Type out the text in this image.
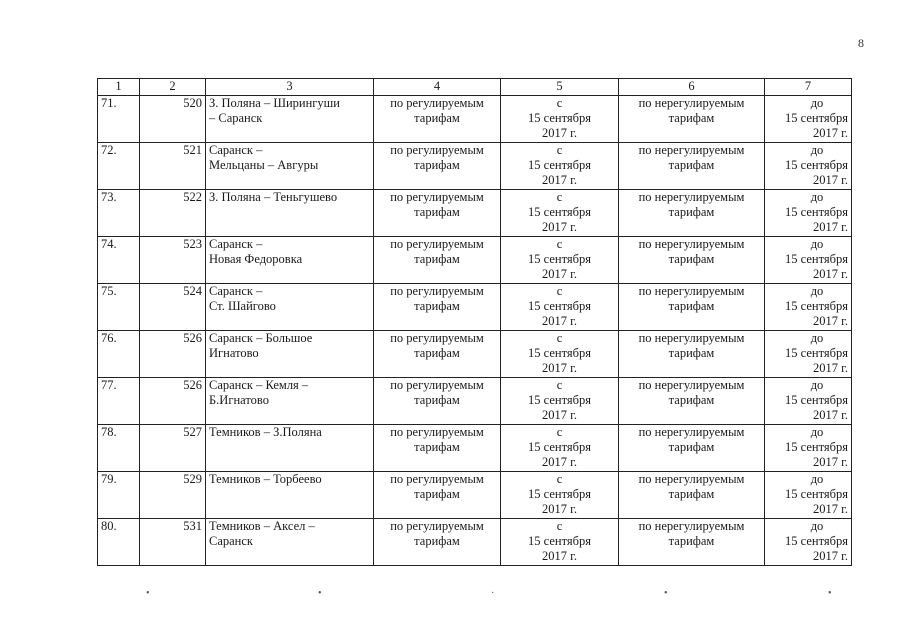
8
1	2	3	4	5	6	7
71.	520	З. Поляна – Ширингуши
– Саранск	по регулируемым
тарифам	с
15 сентября
2017 г.	по нерегулируемым
тарифам	до
15 сентября
2017 г.

72.	521	Саранск –
Мельцаны – Авгуры	по регулируемым
тарифам	с
15 сентября
2017 г.	по нерегулируемым
тарифам	до
15 сентября
2017 г.

73.	522	З. Поляна – Теньгушево	по регулируемым
тарифам	с
15 сентября
2017 г.	по нерегулируемым
тарифам	до
15 сентября
2017 г.

74.	523	Саранск –
Новая Федоровка	по регулируемым
тарифам	с
15 сентября
2017 г.	по нерегулируемым
тарифам	до
15 сентября
2017 г.

75.	524	Саранск –
Ст. Шайгово	по регулируемым
тарифам	с
15 сентября
2017 г.	по нерегулируемым
тарифам	до
15 сентября
2017 г.

76.	526	Саранск – Большое
Игнатово	по регулируемым
тарифам	с
15 сентября
2017 г.	по нерегулируемым
тарифам	до
15 сентября
2017 г.

77.	526	Саранск – Кемля –
Б.Игнатово	по регулируемым
тарифам	с
15 сентября
2017 г.	по нерегулируемым
тарифам	до
15 сентября
2017 г.

78.	527	Темников – З.Поляна	по регулируемым
тарифам	с
15 сентября
2017 г.	по нерегулируемым
тарифам	до
15 сентября
2017 г.

79.	529	Темников – Торбеево	по регулируемым
тарифам	с
15 сентября
2017 г.	по нерегулируемым
тарифам	до
15 сентября
2017 г.

80.	531	Темников – Аксел –
Саранск	по регулируемым
тарифам	с
15 сентября
2017 г.	по нерегулируемым
тарифам	до
15 сентября
2017 г.
•	•	·	•	•
